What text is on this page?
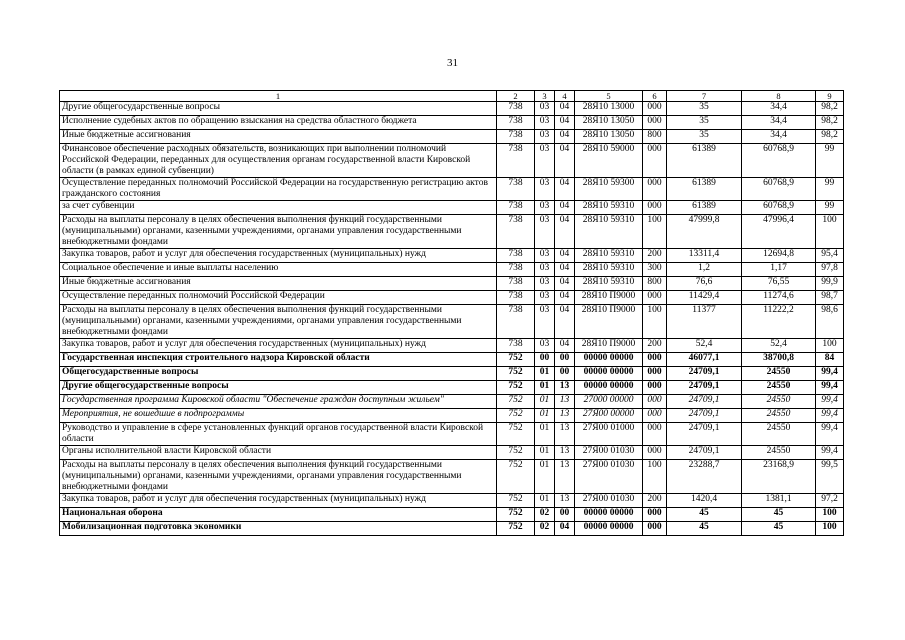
31
1	2	3	4	5	6	7	8	9
Другие общегосударственные вопросы	738	03	04	28Я10 13000	000	35	34,4	98,2
Исполнение судебных актов по обращению взыскания на средства областного бюджета	738	03	04	28Я10 13050	000	35	34,4	98,2
Иные бюджетные ассигнования	738	03	04	28Я10 13050	800	35	34,4	98,2
Финансовое обеспечение расходных обязательств, возникающих при выполнении полномочий Российской Федерации, переданных для осуществления органам государственной власти Кировской области (в рамках единой субвенции)	738	03	04	28Я10 59000	000	61389	60768,9	99
Осуществление переданных полномочий Российской Федерации на государственную регистрацию актов гражданского состояния	738	03	04	28Я10 59300	000	61389	60768,9	99
за счет субвенции	738	03	04	28Я10 59310	000	61389	60768,9	99
Расходы на выплаты персоналу в целях обеспечения выполнения функций государственными (муниципальными) органами, казенными учреждениями, органами управления государственными внебюджетными фондами	738	03	04	28Я10 59310	100	47999,8	47996,4	100
Закупка товаров, работ и услуг для обеспечения государственных (муниципальных) нужд	738	03	04	28Я10 59310	200	13311,4	12694,8	95,4
Социальное обеспечение и иные выплаты населению	738	03	04	28Я10 59310	300	1,2	1,17	97,8
Иные бюджетные ассигнования	738	03	04	28Я10 59310	800	76,6	76,55	99,9
Осуществление переданных полномочий Российской Федерации	738	03	04	28Я10 П9000	000	11429,4	11274,6	98,7
Расходы на выплаты персоналу в целях обеспечения выполнения функций государственными (муниципальными) органами, казенными учреждениями, органами управления государственными внебюджетными фондами	738	03	04	28Я10 П9000	100	11377	11222,2	98,6
Закупка товаров, работ и услуг для обеспечения государственных (муниципальных) нужд	738	03	04	28Я10 П9000	200	52,4	52,4	100
Государственная инспекция строительного надзора Кировской области	752	00	00	00000 00000	000	46077,1	38700,8	84
Общегосударственные вопросы	752	01	00	00000 00000	000	24709,1	24550	99,4
Другие общегосударственные вопросы	752	01	13	00000 00000	000	24709,1	24550	99,4
Государственная программа Кировской области "Обеспечение граждан доступным жильем"	752	01	13	27000 00000	000	24709,1	24550	99,4
Мероприятия, не вошедшие в подпрограммы	752	01	13	27Я00 00000	000	24709,1	24550	99,4
Руководство и управление в сфере установленных функций органов государственной власти Кировской области	752	01	13	27Я00 01000	000	24709,1	24550	99,4
Органы исполнительной власти Кировской области	752	01	13	27Я00 01030	000	24709,1	24550	99,4
Расходы на выплаты персоналу в целях обеспечения выполнения функций государственными (муниципальными) органами, казенными учреждениями, органами управления государственными внебюджетными фондами	752	01	13	27Я00 01030	100	23288,7	23168,9	99,5
Закупка товаров, работ и услуг для обеспечения государственных (муниципальных) нужд	752	01	13	27Я00 01030	200	1420,4	1381,1	97,2
Национальная оборона	752	02	00	00000 00000	000	45	45	100
Мобилизационная подготовка экономики	752	02	04	00000 00000	000	45	45	100
